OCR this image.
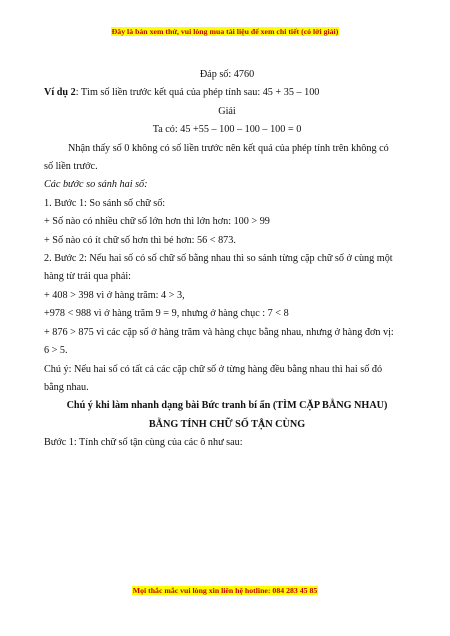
Đây là bản xem thử, vui lòng mua tài liệu để xem chi tiết (có lời giải)
Đáp số: 4760
Ví dụ 2: Tìm số liền trước kết quả của phép tính sau: 45 + 35 – 100
Giải
Ta có: 45 +55 – 100 – 100 – 100 = 0
Nhận thấy số 0 không có số liền trước nên kết quả của phép tính trên không có
số liền trước.
Các bước so sánh hai số:
1. Bước 1: So sánh số chữ số:
+ Số nào có nhiều chữ số lớn hơn thì lớn hơn: 100 > 99
+ Số nào có ít chữ số hơn thì bé hơn: 56 < 873.
2. Bước 2: Nếu hai số có số chữ số bằng nhau thì so sánh từng cặp chữ số ở cùng một
hàng từ trái qua phải:
+ 408 > 398 vì ở hàng trăm: 4 > 3,
+978 < 988 vì ở hàng trăm 9 = 9, nhưng ở hàng chục : 7 < 8
+ 876 > 875 vì các cặp số ở hàng trăm và hàng chục bằng nhau, nhưng ở hàng đơn vị:
6 > 5.
Chú ý: Nếu hai số có tất cả các cặp chữ số ở từng hàng đều bằng nhau thì hai số đó
bằng nhau.
Chú ý khi làm nhanh dạng bài Bức tranh bí ẩn (TÌM CẶP BẰNG NHAU)
BẰNG TÍNH CHỮ SỐ TẬN CÙNG
Bước 1: Tính chữ số tận cùng của các ô như sau:
Mọi thắc mắc vui lòng xin liên hệ hotline: 084 283 45 85
